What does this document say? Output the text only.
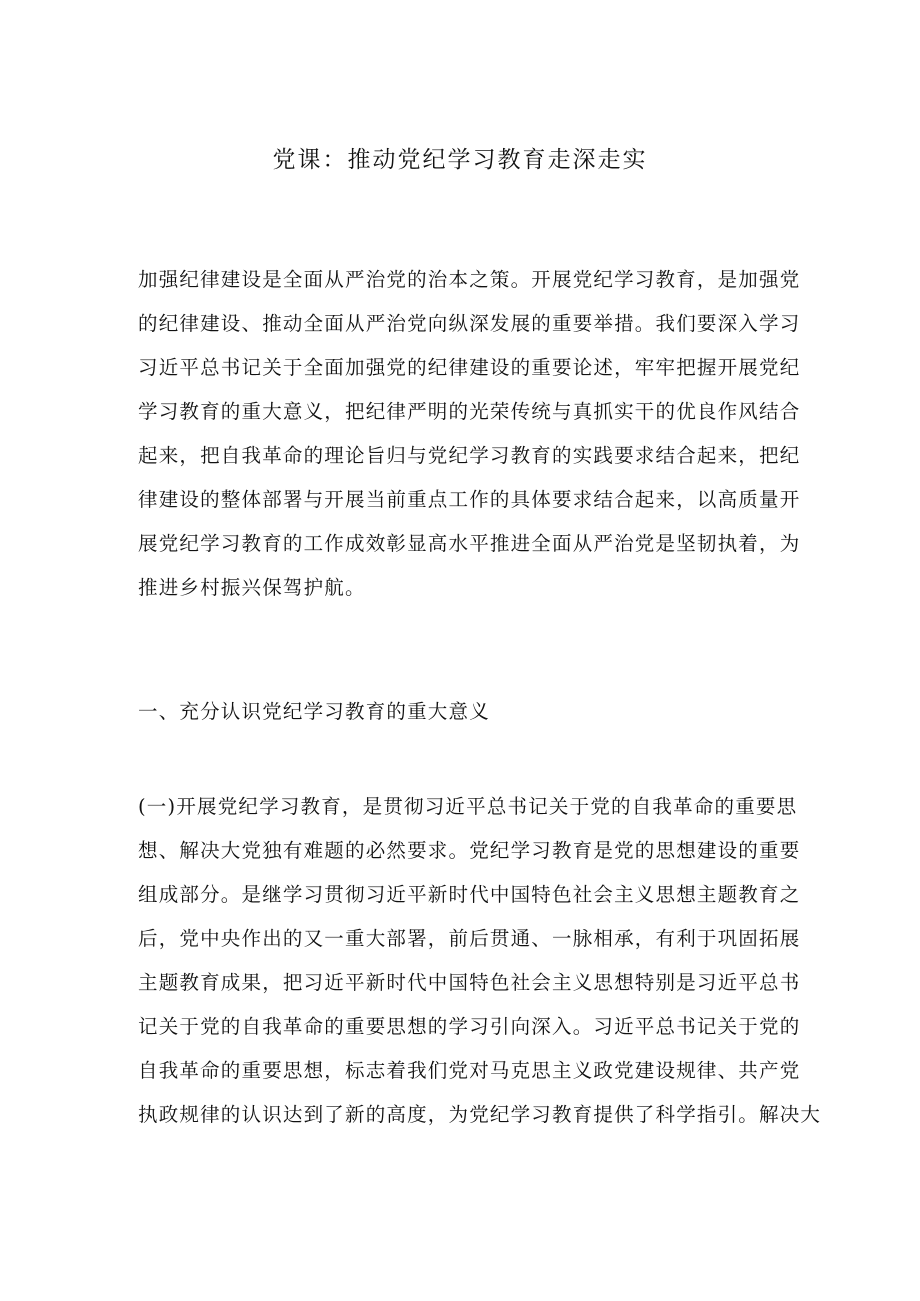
党课：推动党纪学习教育走深走实
加强纪律建设是全面从严治党的治本之策。开展党纪学习教育，是加强党
的纪律建设、推动全面从严治党向纵深发展的重要举措。我们要深入学习
习近平总书记关于全面加强党的纪律建设的重要论述，牢牢把握开展党纪
学习教育的重大意义，把纪律严明的光荣传统与真抓实干的优良作风结合
起来，把自我革命的理论旨归与党纪学习教育的实践要求结合起来，把纪
律建设的整体部署与开展当前重点工作的具体要求结合起来，以高质量开
展党纪学习教育的工作成效彰显高水平推进全面从严治党是坚韧执着，为
推进乡村振兴保驾护航。
一、充分认识党纪学习教育的重大意义
(一)开展党纪学习教育，是贯彻习近平总书记关于党的自我革命的重要思
想、解决大党独有难题的必然要求。党纪学习教育是党的思想建设的重要
组成部分。是继学习贯彻习近平新时代中国特色社会主义思想主题教育之
后，党中央作出的又一重大部署，前后贯通、一脉相承，有利于巩固拓展
主题教育成果，把习近平新时代中国特色社会主义思想特别是习近平总书
记关于党的自我革命的重要思想的学习引向深入。习近平总书记关于党的
自我革命的重要思想，标志着我们党对马克思主义政党建设规律、共产党
执政规律的认识达到了新的高度，为党纪学习教育提供了科学指引。解决大
